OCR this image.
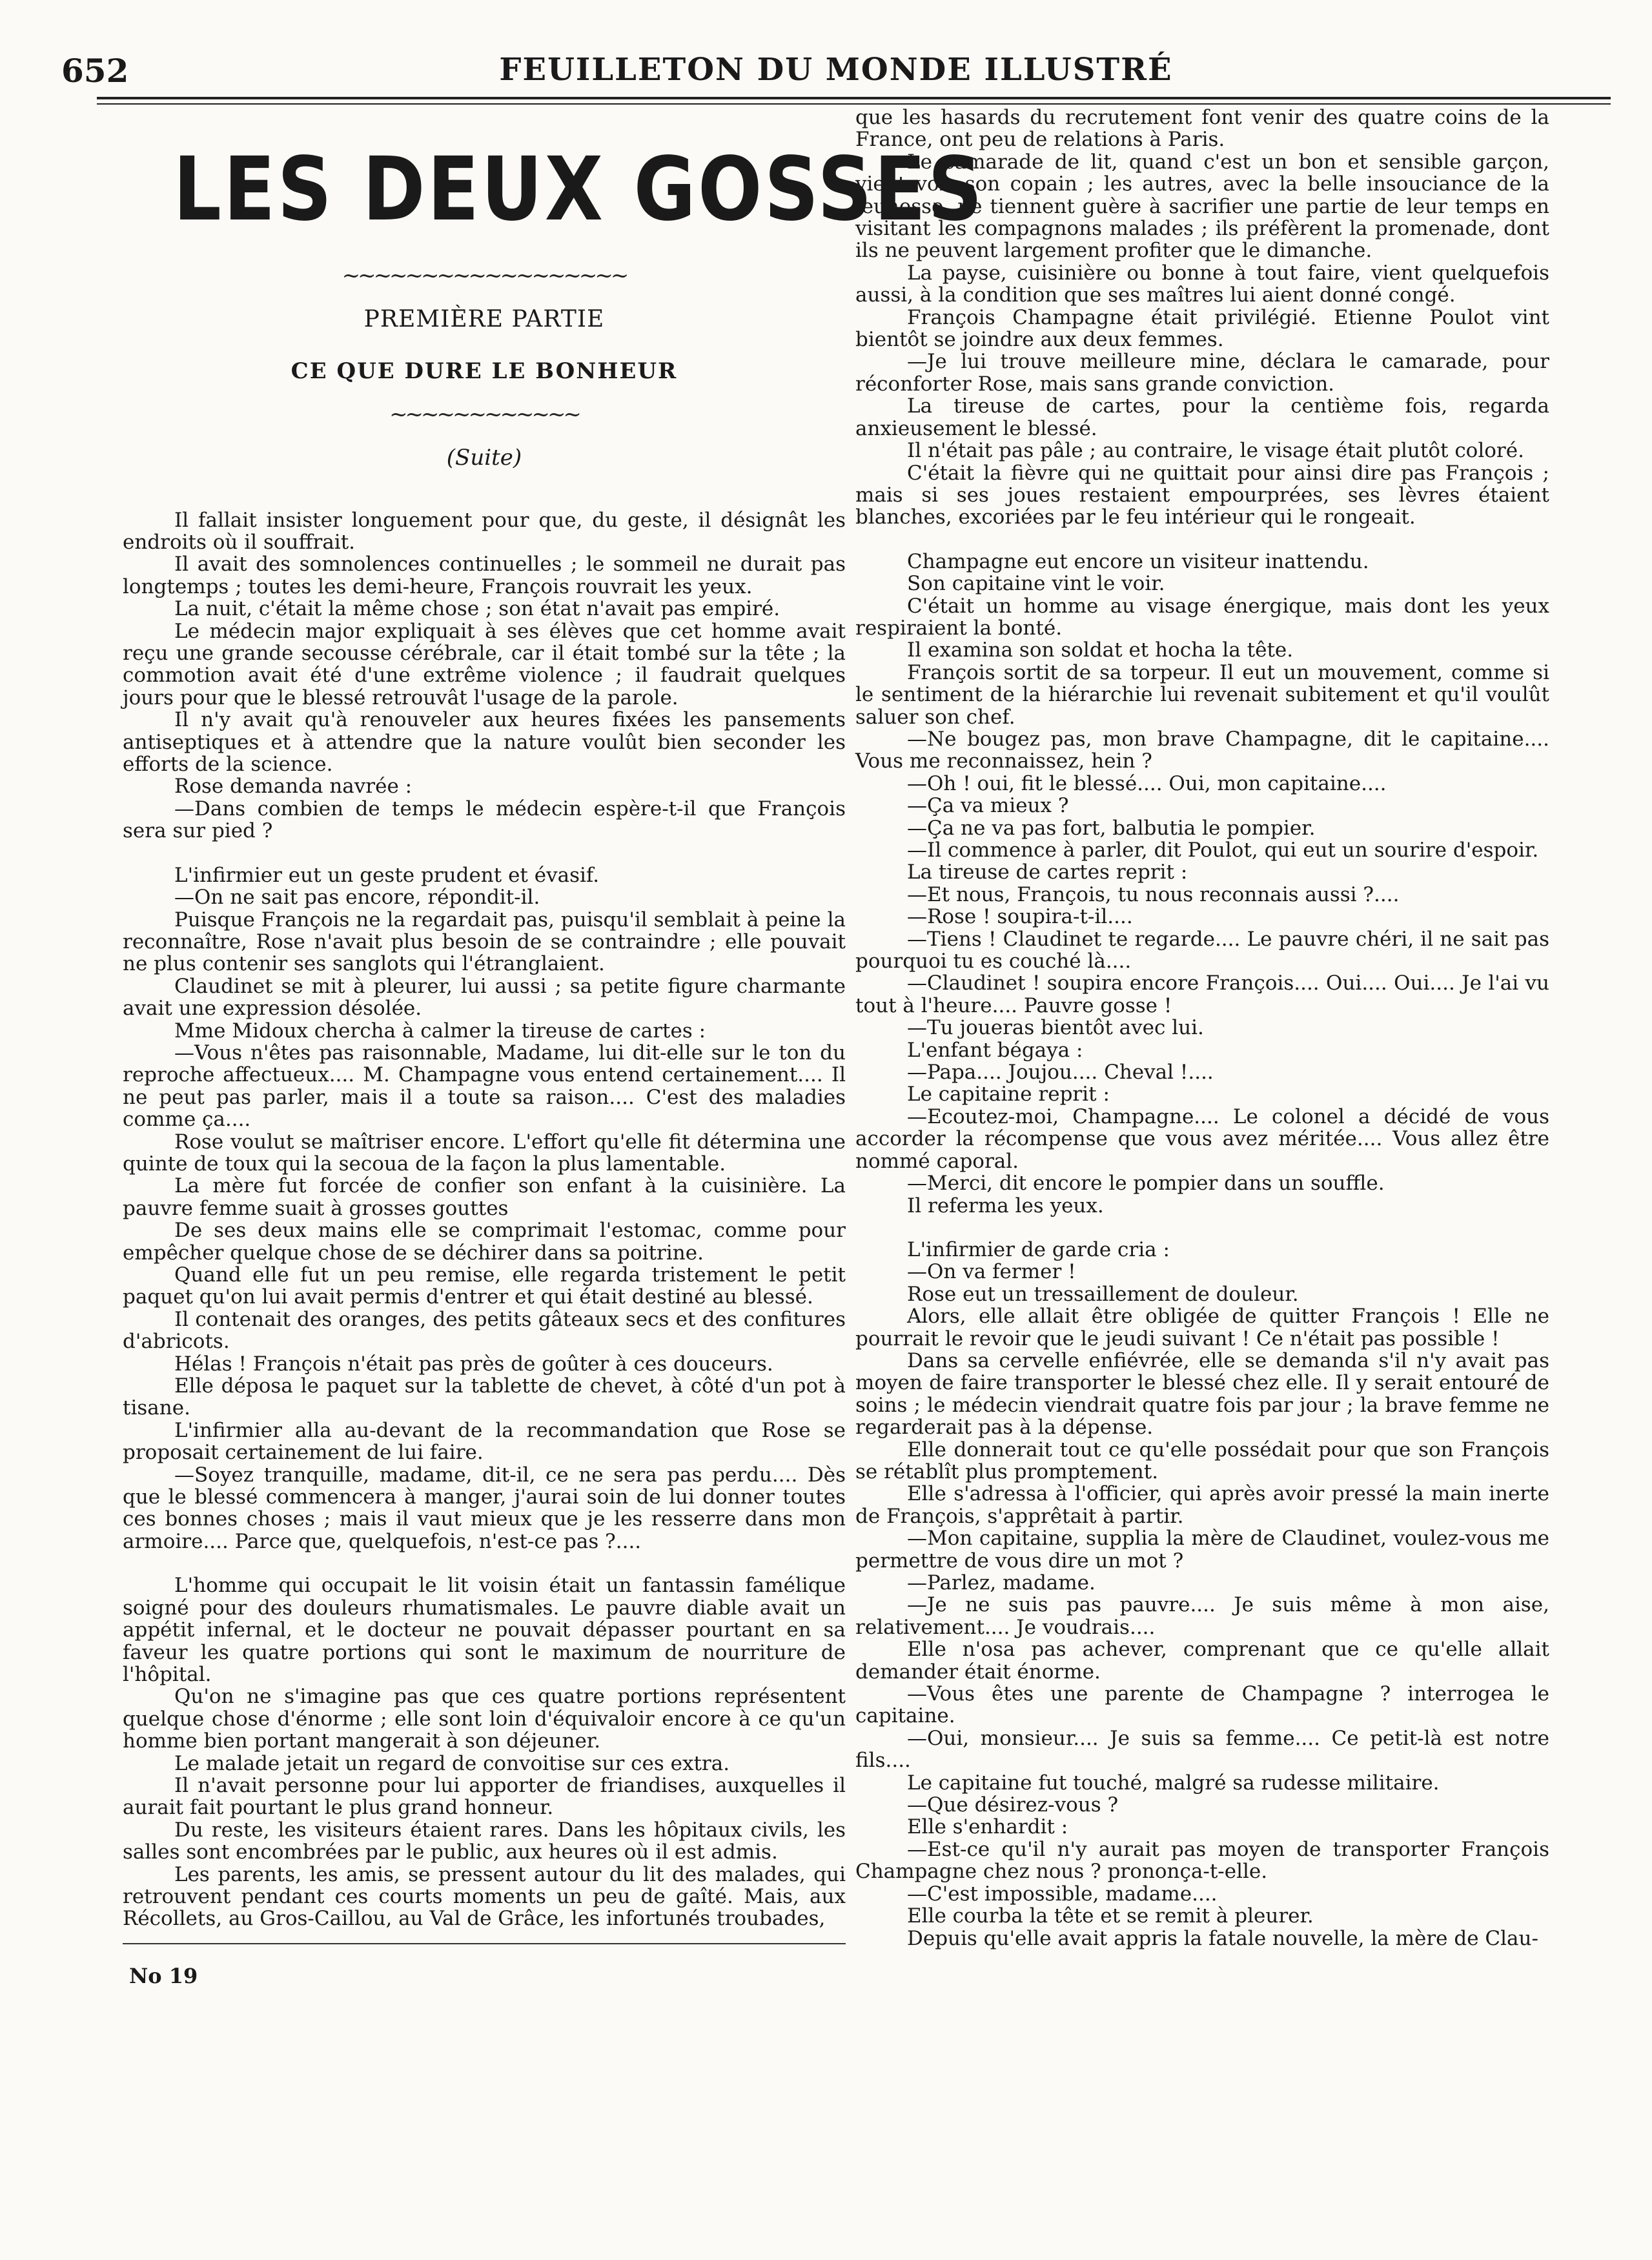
652	FEUILLETON DU MONDE ILLUSTRÉ
LES DEUX GOSSES
~~~~~~~~~~~~~~~~~~
PREMIÈRE PARTIE
CE QUE DURE LE BONHEUR
~~~~~~~~~~~~
(Suite)

Il fallait insister longuement pour que, du geste, il désignât les endroits où il souffrait.

Il avait des somnolences continuelles ; le sommeil ne durait pas longtemps ; toutes les demi-heure, François rouvrait les yeux.

La nuit, c'était la même chose ; son état n'avait pas empiré.

Le médecin major expliquait à ses élèves que cet homme avait reçu une grande secousse cérébrale, car il était tombé sur la tête ; la commotion avait été d'une extrême violence ; il faudrait quelques jours pour que le blessé retrouvât l'usage de la parole.

Il n'y avait qu'à renouveler aux heures fixées les pansements antiseptiques et à attendre que la nature voulût bien seconder les efforts de la science.

Rose demanda navrée :

—Dans combien de temps le médecin espère-t-il que François sera sur pied ?

L'infirmier eut un geste prudent et évasif.

—On ne sait pas encore, répondit-il.

Puisque François ne la regardait pas, puisqu'il semblait à peine la reconnaître, Rose n'avait plus besoin de se contraindre ; elle pouvait ne plus contenir ses sanglots qui l'étranglaient.

Claudinet se mit à pleurer, lui aussi ; sa petite figure charmante avait une expression désolée.

Mme Midoux chercha à calmer la tireuse de cartes :

—Vous n'êtes pas raisonnable, Madame, lui dit-elle sur le ton du reproche affectueux.... M. Champagne vous entend certainement.... Il ne peut pas parler, mais il a toute sa raison.... C'est des maladies comme ça....

Rose voulut se maîtriser encore. L'effort qu'elle fit détermina une quinte de toux qui la secoua de la façon la plus lamentable.

La mère fut forcée de confier son enfant à la cuisinière. La pauvre femme suait à grosses gouttes

De ses deux mains elle se comprimait l'estomac, comme pour empêcher quelque chose de se déchirer dans sa poitrine.

Quand elle fut un peu remise, elle regarda tristement le petit paquet qu'on lui avait permis d'entrer et qui était destiné au blessé.

Il contenait des oranges, des petits gâteaux secs et des confitures d'abricots.

Hélas ! François n'était pas près de goûter à ces douceurs.

Elle déposa le paquet sur la tablette de chevet, à côté d'un pot à tisane.

L'infirmier alla au-devant de la recommandation que Rose se proposait certainement de lui faire.

—Soyez tranquille, madame, dit-il, ce ne sera pas perdu.... Dès que le blessé commencera à manger, j'aurai soin de lui donner toutes ces bonnes choses ; mais il vaut mieux que je les resserre dans mon armoire.... Parce que, quelquefois, n'est-ce pas ?....

L'homme qui occupait le lit voisin était un fantassin famélique soigné pour des douleurs rhumatismales. Le pauvre diable avait un appétit infernal, et le docteur ne pouvait dépasser pourtant en sa faveur les quatre portions qui sont le maximum de nourriture de l'hôpital.

Qu'on ne s'imagine pas que ces quatre portions représentent quelque chose d'énorme ; elle sont loin d'équivaloir encore à ce qu'un homme bien portant mangerait à son déjeuner.

Le malade jetait un regard de convoitise sur ces extra.

Il n'avait personne pour lui apporter de friandises, auxquelles il aurait fait pourtant le plus grand honneur.

Du reste, les visiteurs étaient rares. Dans les hôpitaux civils, les salles sont encombrées par le public, aux heures où il est admis.

Les parents, les amis, se pressent autour du lit des malades, qui retrouvent pendant ces courts moments un peu de gaîté. Mais, aux Récollets, au Gros-Caillou, au Val de Grâce, les infortunés troubades,

No 19

que les hasards du recrutement font venir des quatre coins de la France, ont peu de relations à Paris.

Le camarade de lit, quand c'est un bon et sensible garçon, vient voir son copain ; les autres, avec la belle insouciance de la jeunesse, ne tiennent guère à sacrifier une partie de leur temps en visitant les compagnons malades ; ils préfèrent la promenade, dont ils ne peuvent largement profiter que le dimanche.

La payse, cuisinière ou bonne à tout faire, vient quelquefois aussi, à la condition que ses maîtres lui aient donné congé.

François Champagne était privilégié. Etienne Poulot vint bientôt se joindre aux deux femmes.

—Je lui trouve meilleure mine, déclara le camarade, pour réconforter Rose, mais sans grande conviction.

La tireuse de cartes, pour la centième fois, regarda anxieusement le blessé.

Il n'était pas pâle ; au contraire, le visage était plutôt coloré.

C'était la fièvre qui ne quittait pour ainsi dire pas François ; mais si ses joues restaient empourprées, ses lèvres étaient blanches, excoriées par le feu intérieur qui le rongeait.

Champagne eut encore un visiteur inattendu.

Son capitaine vint le voir.

C'était un homme au visage énergique, mais dont les yeux respiraient la bonté.

Il examina son soldat et hocha la tête.

François sortit de sa torpeur. Il eut un mouvement, comme si le sentiment de la hiérarchie lui revenait subitement et qu'il voulût saluer son chef.

—Ne bougez pas, mon brave Champagne, dit le capitaine.... Vous me reconnaissez, hein ?

—Oh ! oui, fit le blessé.... Oui, mon capitaine....

—Ça va mieux ?

—Ça ne va pas fort, balbutia le pompier.

—Il commence à parler, dit Poulot, qui eut un sourire d'espoir.

La tireuse de cartes reprit :

—Et nous, François, tu nous reconnais aussi ?....

—Rose ! soupira-t-il....

—Tiens ! Claudinet te regarde.... Le pauvre chéri, il ne sait pas pourquoi tu es couché là....

—Claudinet ! soupira encore François.... Oui.... Oui.... Je l'ai vu tout à l'heure.... Pauvre gosse !

—Tu joueras bientôt avec lui.

L'enfant bégaya :

—Papa.... Joujou.... Cheval !....

Le capitaine reprit :

—Ecoutez-moi, Champagne.... Le colonel a décidé de vous accorder la récompense que vous avez méritée.... Vous allez être nommé caporal.

—Merci, dit encore le pompier dans un souffle.

Il referma les yeux.

L'infirmier de garde cria :

—On va fermer !

Rose eut un tressaillement de douleur.

Alors, elle allait être obligée de quitter François ! Elle ne pourrait le revoir que le jeudi suivant ! Ce n'était pas possible !

Dans sa cervelle enfiévrée, elle se demanda s'il n'y avait pas moyen de faire transporter le blessé chez elle. Il y serait entouré de soins ; le médecin viendrait quatre fois par jour ; la brave femme ne regarderait pas à la dépense.

Elle donnerait tout ce qu'elle possédait pour que son François se rétablît plus promptement.

Elle s'adressa à l'officier, qui après avoir pressé la main inerte de François, s'apprêtait à partir.

—Mon capitaine, supplia la mère de Claudinet, voulez-vous me permettre de vous dire un mot ?

—Parlez, madame.

—Je ne suis pas pauvre.... Je suis même à mon aise, relativement.... Je voudrais....

Elle n'osa pas achever, comprenant que ce qu'elle allait demander était énorme.

—Vous êtes une parente de Champagne ? interrogea le capitaine.

—Oui, monsieur.... Je suis sa femme.... Ce petit-là est notre fils....

Le capitaine fut touché, malgré sa rudesse militaire.

—Que désirez-vous ?

Elle s'enhardit :

—Est-ce qu'il n'y aurait pas moyen de transporter François Champagne chez nous ? prononça-t-elle.

—C'est impossible, madame....

Elle courba la tête et se remit à pleurer.

Depuis qu'elle avait appris la fatale nouvelle, la mère de Clau-
